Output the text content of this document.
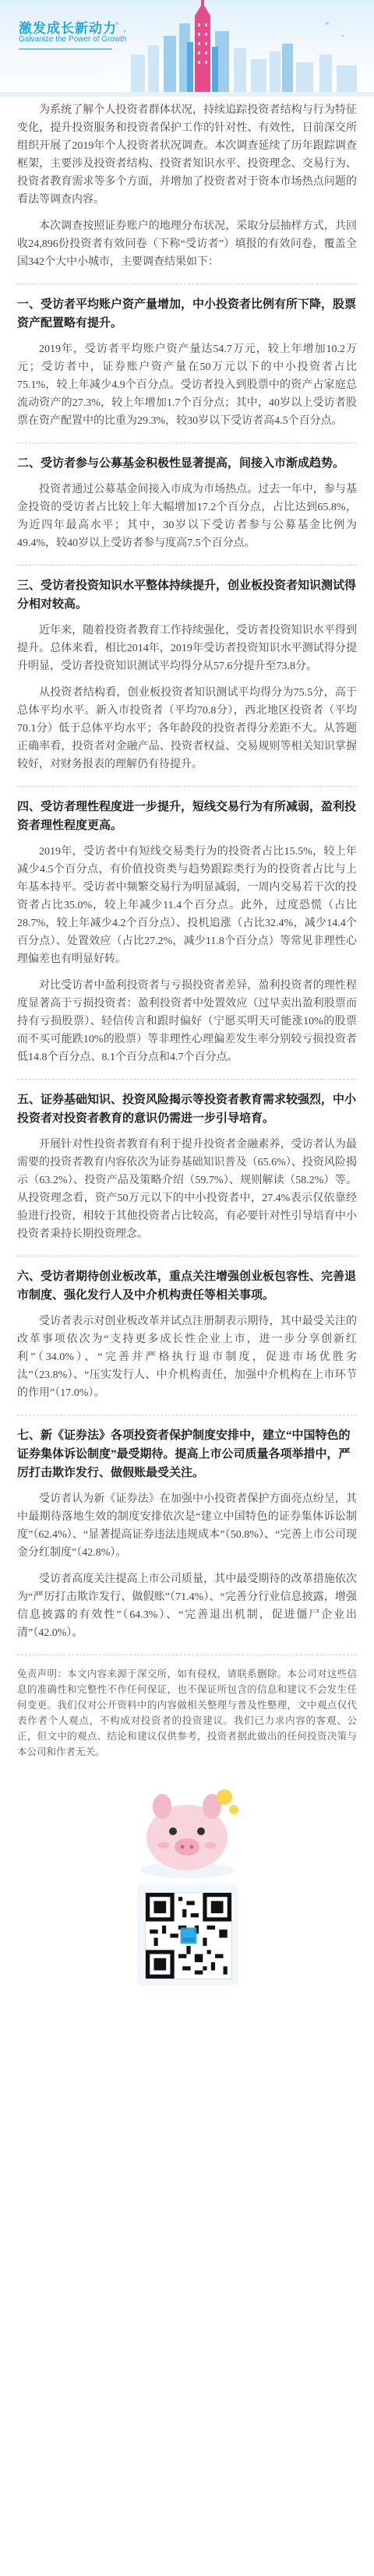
激发成长新动力
Galvanize the Power of Growth

为系统了解个人投资者群体状况，持续追踪投资者结构与行为特征变化，提升投资服务和投资者保护工作的针对性、有效性，日前深交所组织开展了2019年个人投资者状况调查。本次调查延续了历年跟踪调查框架，主要涉及投资者结构、投资者知识水平、投资理念、交易行为、投资者教育需求等多个方面，并增加了投资者对于资本市场热点问题的看法等调查内容。

本次调查按照证券账户的地理分布状况，采取分层抽样方式，共回收24,896份投资者有效问卷（下称“受访者”）填报的有效问卷，覆盖全国342个大中小城市，主要调查结果如下：

一、受访者平均账户资产量增加，中小投资者比例有所下降，股票资产配置略有提升。

2019年，受访者平均账户资产量达54.7万元，较上年增加10.2万元；受访者中，证券账户资产量在50万元以下的中小投资者占比75.1%，较上年减少4.9个百分点。受访者投入到股票中的资产占家庭总流动资产的27.3%，较上年增加1.7个百分点；其中，40岁以上受访者股票在资产配置中的比重为29.3%，较30岁以下受访者高4.5个百分点。

二、受访者参与公募基金积极性显著提高，间接入市渐成趋势。

投资者通过公募基金间接入市成为市场热点。过去一年中，参与基金投资的受访者占比较上年大幅增加17.2个百分点，占比达到65.8%，为近四年最高水平；其中，30岁以下受访者参与公募基金比例为49.4%，较40岁以上受访者参与度高7.5个百分点。

三、受访者投资知识水平整体持续提升，创业板投资者知识测试得分相对较高。

近年来，随着投资者教育工作持续强化，受访者投资知识水平得到提升。总体来看，相比2014年，2019年受访者投资知识水平测试得分提升明显，受访者投资知识测试平均得分从57.6分提升至73.8分。

从投资者结构看，创业板投资者知识测试平均得分为75.5分，高于总体平均水平。新入市投资者（平均70.8分），西北地区投资者（平均70.1分）低于总体平均水平；各年龄段的投资者得分差距不大。从答题正确率看，投资者对金融产品、投资者权益、交易规则等相关知识掌握较好，对财务报表的理解仍有待提升。

四、受访者理性程度进一步提升，短线交易行为有所减弱，盈利投资者理性程度更高。

2019年，受访者中有短线交易类行为的投资者占比15.5%，较上年减少4.5个百分点，有价值投资类与趋势跟踪类行为的投资者占比与上年基本持平。受访者中频繁交易行为明显减弱，一周内交易若干次的投资者占比35.0%，较上年减少11.4个百分点。此外，过度恐慌（占比28.7%，较上年减少4.2个百分点）、投机追涨（占比32.4%，减少14.4个百分点）、处置效应（占比27.2%，减少11.8个百分点）等常见非理性心理偏差也有明显好转。

对比受访者中盈利投资者与亏损投资者差异，盈利投资者的理性程度显著高于亏损投资者：盈利投资者中处置效应（过早卖出盈利股票而持有亏损股票）、轻信传言和跟时偏好（宁愿买明天可能涨10%的股票而不买可能跌10%的股票）等非理性心理偏差发生率分别较亏损投资者低14.8个百分点、8.1个百分点和4.7个百分点。

五、证券基础知识、投资风险揭示等投资者教育需求较强烈，中小投资者对投资者教育的意识仍需进一步引导培育。

开展针对性投资者教育有利于提升投资者金融素养，受访者认为最需要的投资者教育内容依次为证券基础知识普及（65.6%）、投资风险揭示（63.2%）、投资产品及策略介绍（59.7%）、规则解读（58.2%）等。从投资理念看，资产50万元以下的中小投资者中，27.4%表示仅依靠经验进行投资，相较于其他投资者占比较高，有必要针对性引导培育中小投资者秉持长期投资理念。

六、受访者期待创业板改革，重点关注增强创业板包容性、完善退市制度、强化发行人及中介机构责任等相关事项。

受访者表示对创业板改革并试点注册制表示期待，其中最受关注的改革事项依次为“支持更多成长性企业上市，进一步分享创新红利”（34.0%）、“完善并严格执行退市制度，促进市场优胜劣汰”（23.8%）、“压实发行人、中介机构责任，加强中介机构在上市环节的作用”（17.0%）。

七、新《证券法》各项投资者保护制度安排中，建立“中国特色的证券集体诉讼制度”最受期待。提高上市公司质量各项举措中，严厉打击欺诈发行、做假账最受关注。

受访者认为新《证券法》在加强中小投资者保护方面亮点纷呈，其中最期待落地生效的制度安排依次是“建立中国特色的证券集体诉讼制度”（62.4%）、“显著提高证券违法违规成本”（50.8%）、“完善上市公司现金分红制度”（42.8%）。

受访者高度关注提高上市公司质量，其中最受期待的改革措施依次为“严厉打击欺诈发行、做假账”（71.4%）、“完善分行业信息披露，增强信息披露的有效性”（64.3%）、“完善退出机制，促进僵尸企业出清”（42.0%）。

免责声明：本文内容来源于深交所，如有侵权，请联系删除。本公司对这些信息的准确性和完整性不作任何保证，也不保证所包含的信息和建议不会发生任何变更。我们仅对公开资料中的内容做相关整理与普及性整理，文中观点仅代表作者个人观点，不构成对投资者的投资建议。我们已力求内容的客观、公正，但文中的观点、结论和建议仅供参考，投资者据此做出的任何投资决策与本公司和作者无关。
